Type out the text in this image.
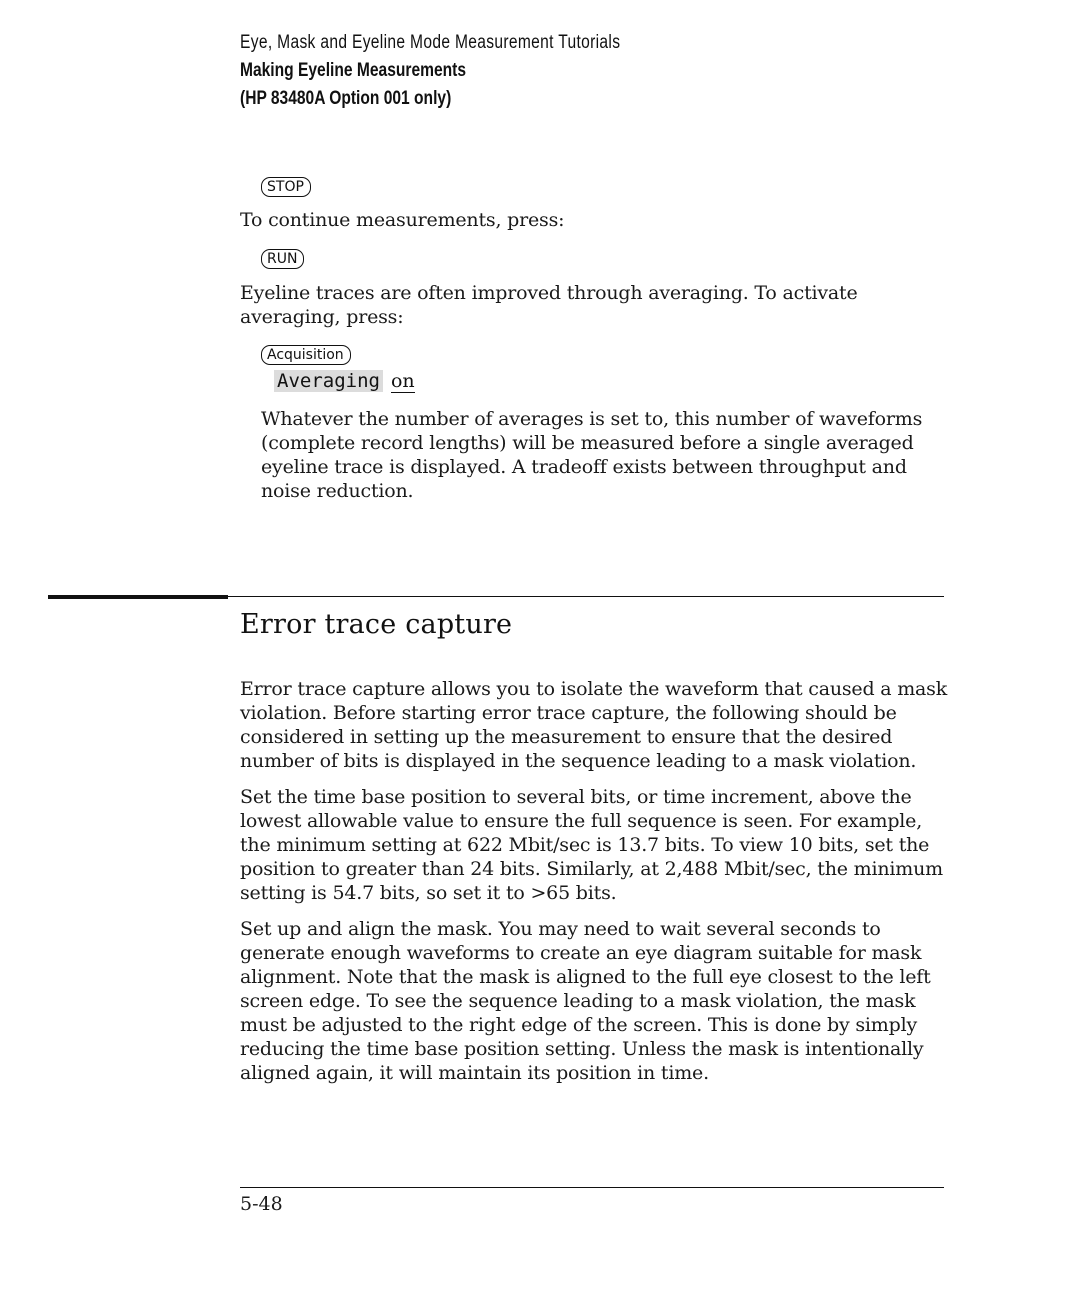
Eye, Mask and Eyeline Mode Measurement Tutorials
Making Eyeline Measurements
(HP 83480A Option 001 only)
STOP

To continue measurements, press:

RUN

Eyeline traces are often improved through averaging. To activate averaging, press:

Acquisition
Averaging on

Whatever the number of averages is set to, this number of waveforms (complete record lengths) will be measured before a single averaged eyeline trace is displayed. A tradeoff exists between throughput and noise reduction.

Error trace capture

Error trace capture allows you to isolate the waveform that caused a mask violation. Before starting error trace capture, the following should be considered in setting up the measurement to ensure that the desired number of bits is displayed in the sequence leading to a mask violation.

Set the time base position to several bits, or time increment, above the lowest allowable value to ensure the full sequence is seen. For example, the minimum setting at 622 Mbit/sec is 13.7 bits. To view 10 bits, set the position to greater than 24 bits. Similarly, at 2,488 Mbit/sec, the minimum setting is 54.7 bits, so set it to >65 bits.

Set up and align the mask. You may need to wait several seconds to generate enough waveforms to create an eye diagram suitable for mask alignment. Note that the mask is aligned to the full eye closest to the left screen edge. To see the sequence leading to a mask violation, the mask must be adjusted to the right edge of the screen. This is done by simply reducing the time base position setting. Unless the mask is intentionally aligned again, it will maintain its position in time.

5-48
